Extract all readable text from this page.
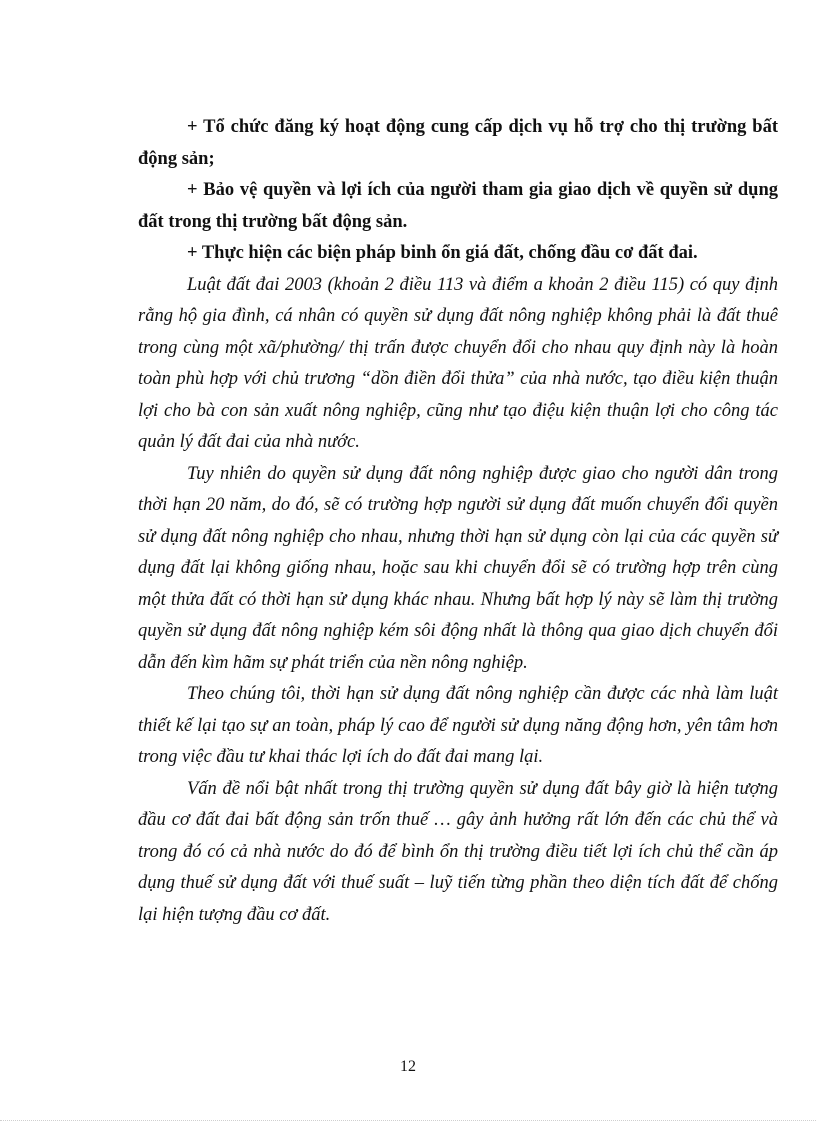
+ Tổ chức đăng ký hoạt động cung cấp dịch vụ hỗ trợ cho thị trường bất động sản;

+ Bảo vệ quyền và lợi ích của người tham gia giao dịch về quyền sử dụng đất trong thị trường bất động sản.

+ Thực hiện các biện pháp binh ổn giá đất, chống đầu cơ đất đai.

Luật đất đai 2003 (khoản 2 điều 113 và điểm a khoản 2 điều 115) có quy định rằng hộ gia đình, cá nhân có quyền sử dụng đất nông nghiệp không phải là đất thuê trong cùng một xã/phường/ thị trấn được chuyển đổi cho nhau quy định này là hoàn toàn phù hợp với chủ trương “dồn điền đổi thửa” của nhà nước, tạo điều kiện thuận lợi cho bà con sản xuất nông nghiệp, cũng như tạo điệu kiện thuận lợi cho công tác quản lý đất đai của nhà nước.

Tuy nhiên do quyền sử dụng đất nông nghiệp được giao cho người dân trong thời hạn 20 năm, do đó, sẽ có trường hợp người sử dụng đất muốn chuyển đổi quyền sử dụng đất nông nghiệp cho nhau, nhưng thời hạn sử dụng còn lại của các quyền sử dụng đất lại không giống nhau, hoặc sau khi chuyển đổi sẽ có trường hợp trên cùng một thửa đất có thời hạn sử dụng khác nhau. Nhưng bất hợp lý này sẽ làm thị trường quyền sử dụng đất nông nghiệp kém sôi động nhất là thông qua giao dịch chuyển đổi dẫn đến kìm hãm sự phát triển của nền nông nghiệp.

Theo chúng tôi, thời hạn sử dụng đất nông nghiệp cần được các nhà làm luật thiết kế lại tạo sự an toàn, pháp lý cao để người sử dụng năng động hơn, yên tâm hơn trong việc đầu tư khai thác lợi ích do đất đai mang lại.

Vấn đề nổi bật nhất trong thị trường quyền sử dụng đất bây giờ là hiện tượng đầu cơ đất đai bất động sản trốn thuế … gây ảnh hưởng rất lớn đến các chủ thể và trong đó có cả nhà nước do đó để bình ổn thị trường điều tiết lợi ích chủ thể cần áp dụng thuế sử dụng đất với thuế suất – luỹ tiến từng phần theo diện tích đất để chống lại hiện tượng đầu cơ đất.

12
